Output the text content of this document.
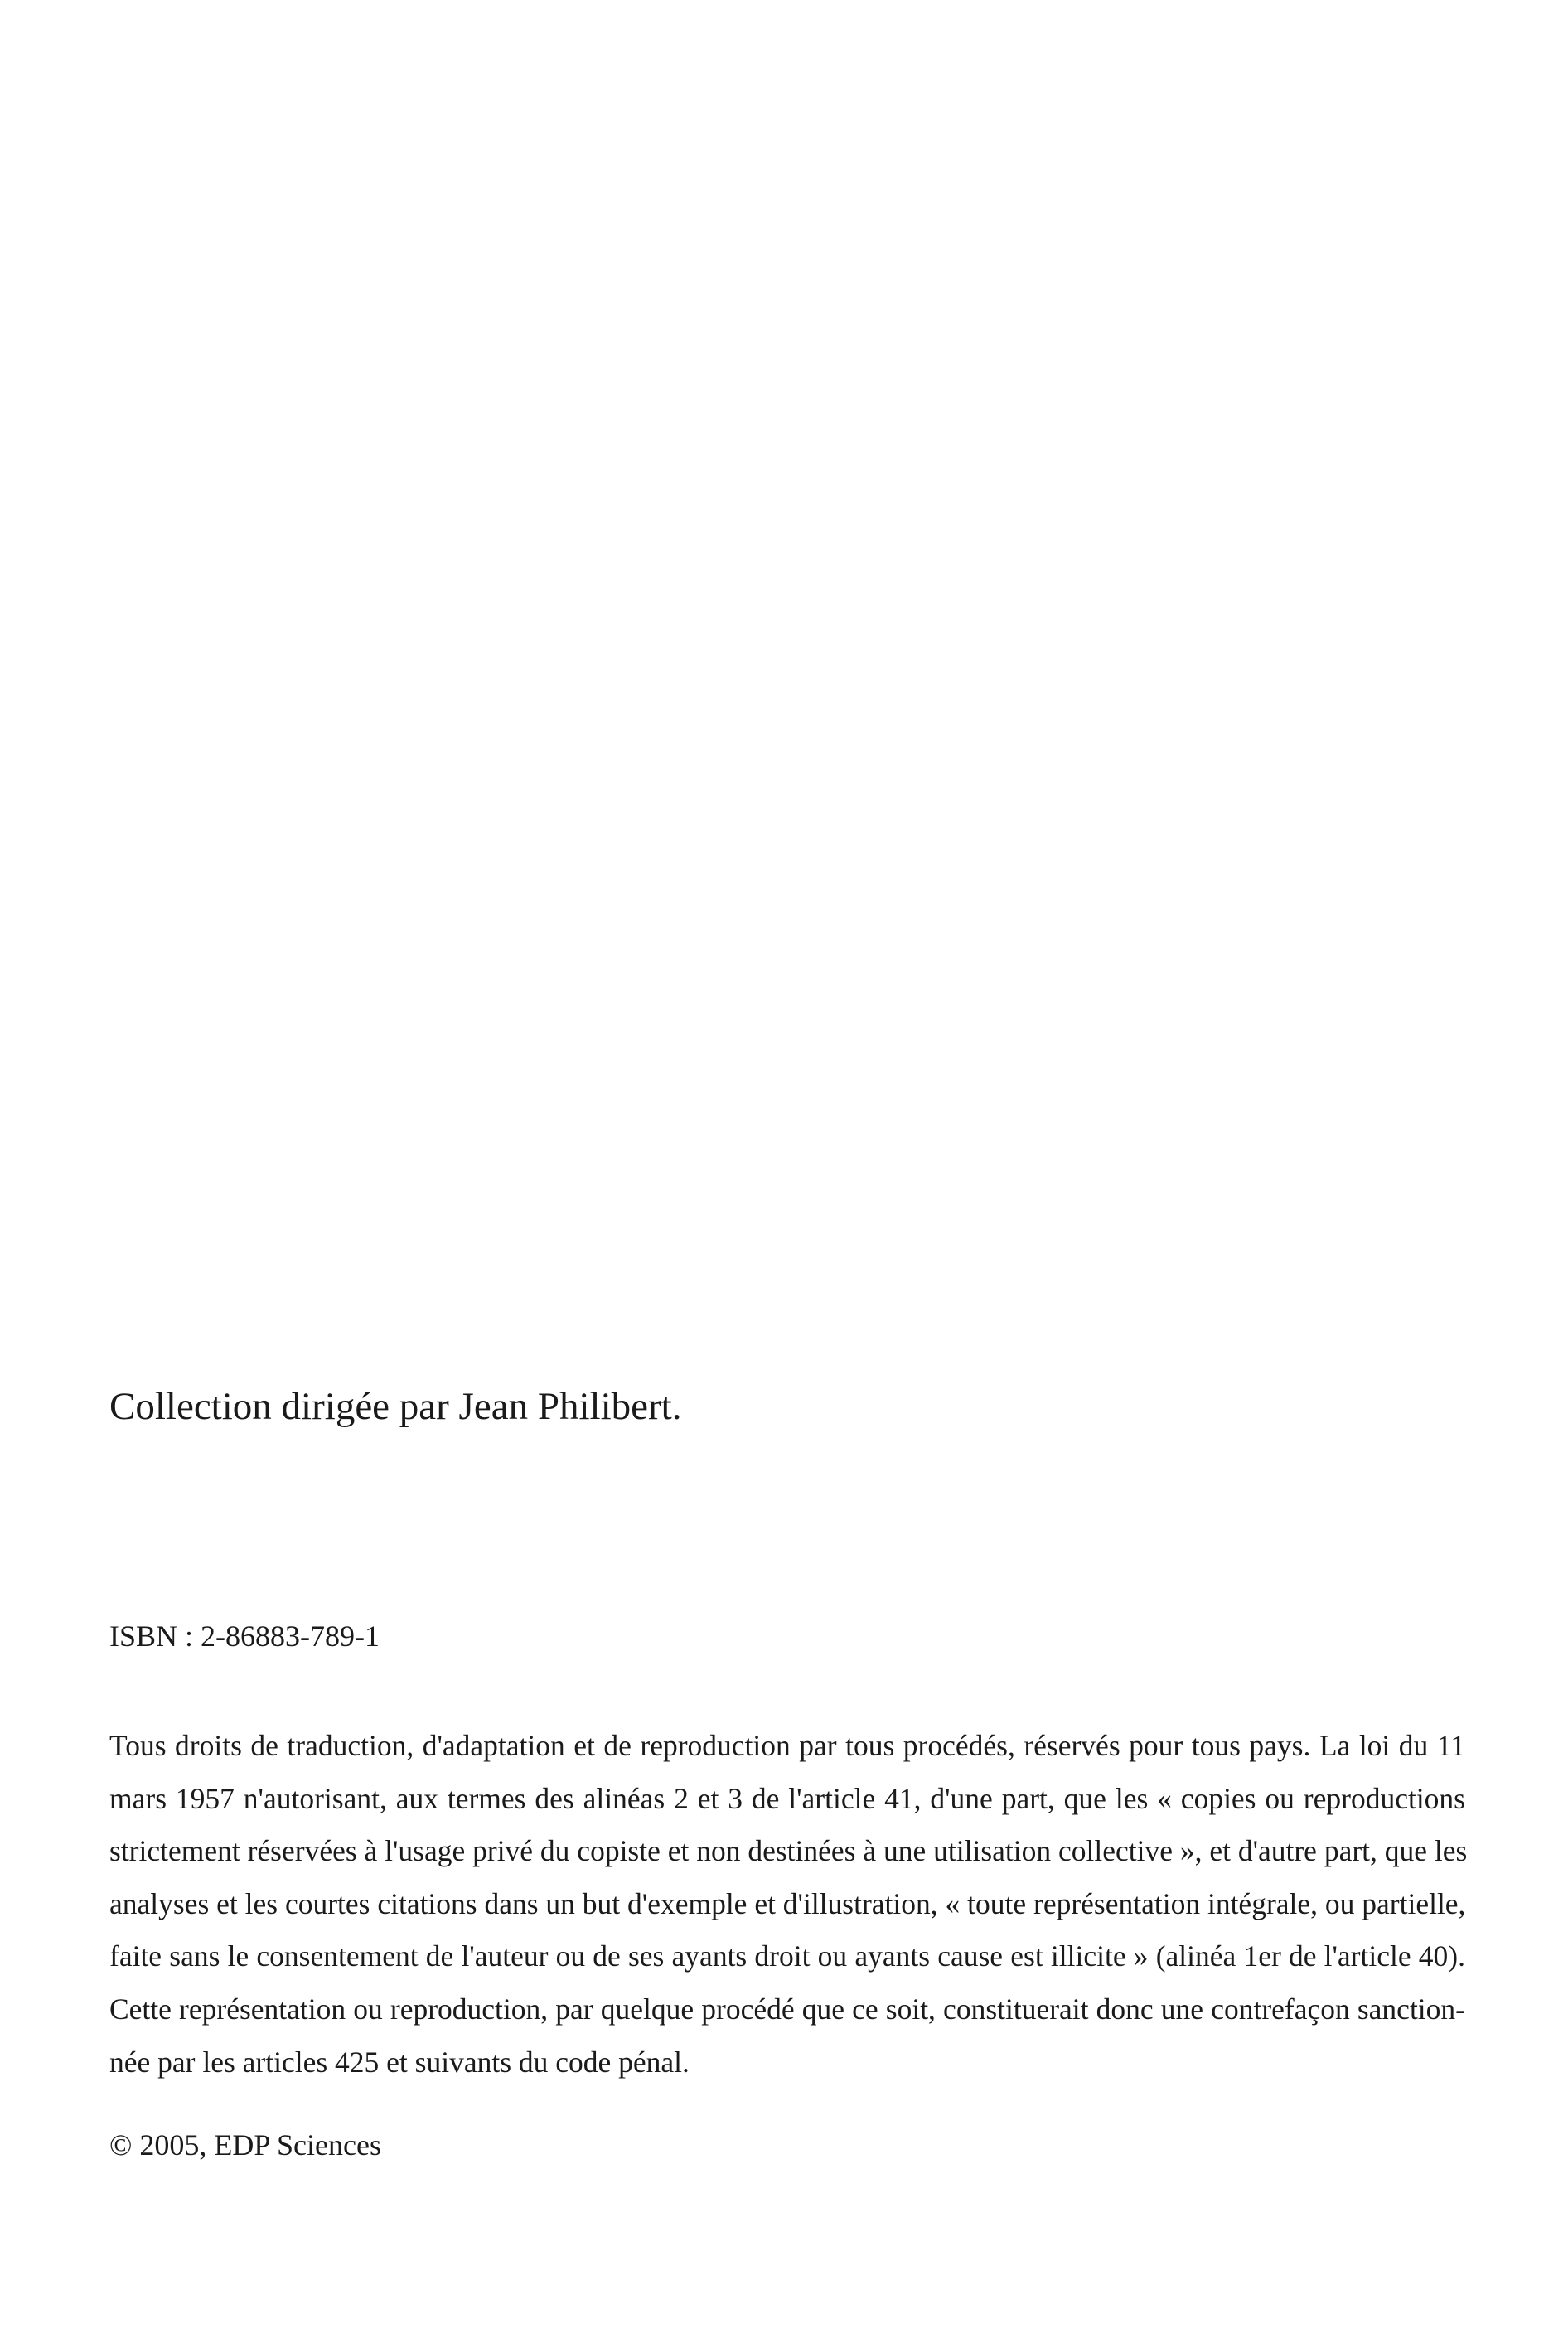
Collection dirigée par Jean Philibert.
ISBN : 2-86883-789-1
Tous droits de traduction, d'adaptation et de reproduction par tous procédés, réservés pour tous pays. La loi du 11
mars 1957 n'autorisant, aux termes des alinéas 2 et 3 de l'article 41, d'une part, que les « copies ou reproductions
strictement réservées à l'usage privé du copiste et non destinées à une utilisation collective », et d'autre part, que les
analyses et les courtes citations dans un but d'exemple et d'illustration, « toute représentation intégrale, ou partielle,
faite sans le consentement de l'auteur ou de ses ayants droit ou ayants cause est illicite » (alinéa 1er de l'article 40).
Cette représentation ou reproduction, par quelque procédé que ce soit, constituerait donc une contrefaçon sanction-
née par les articles 425 et suivants du code pénal.
© 2005, EDP Sciences
